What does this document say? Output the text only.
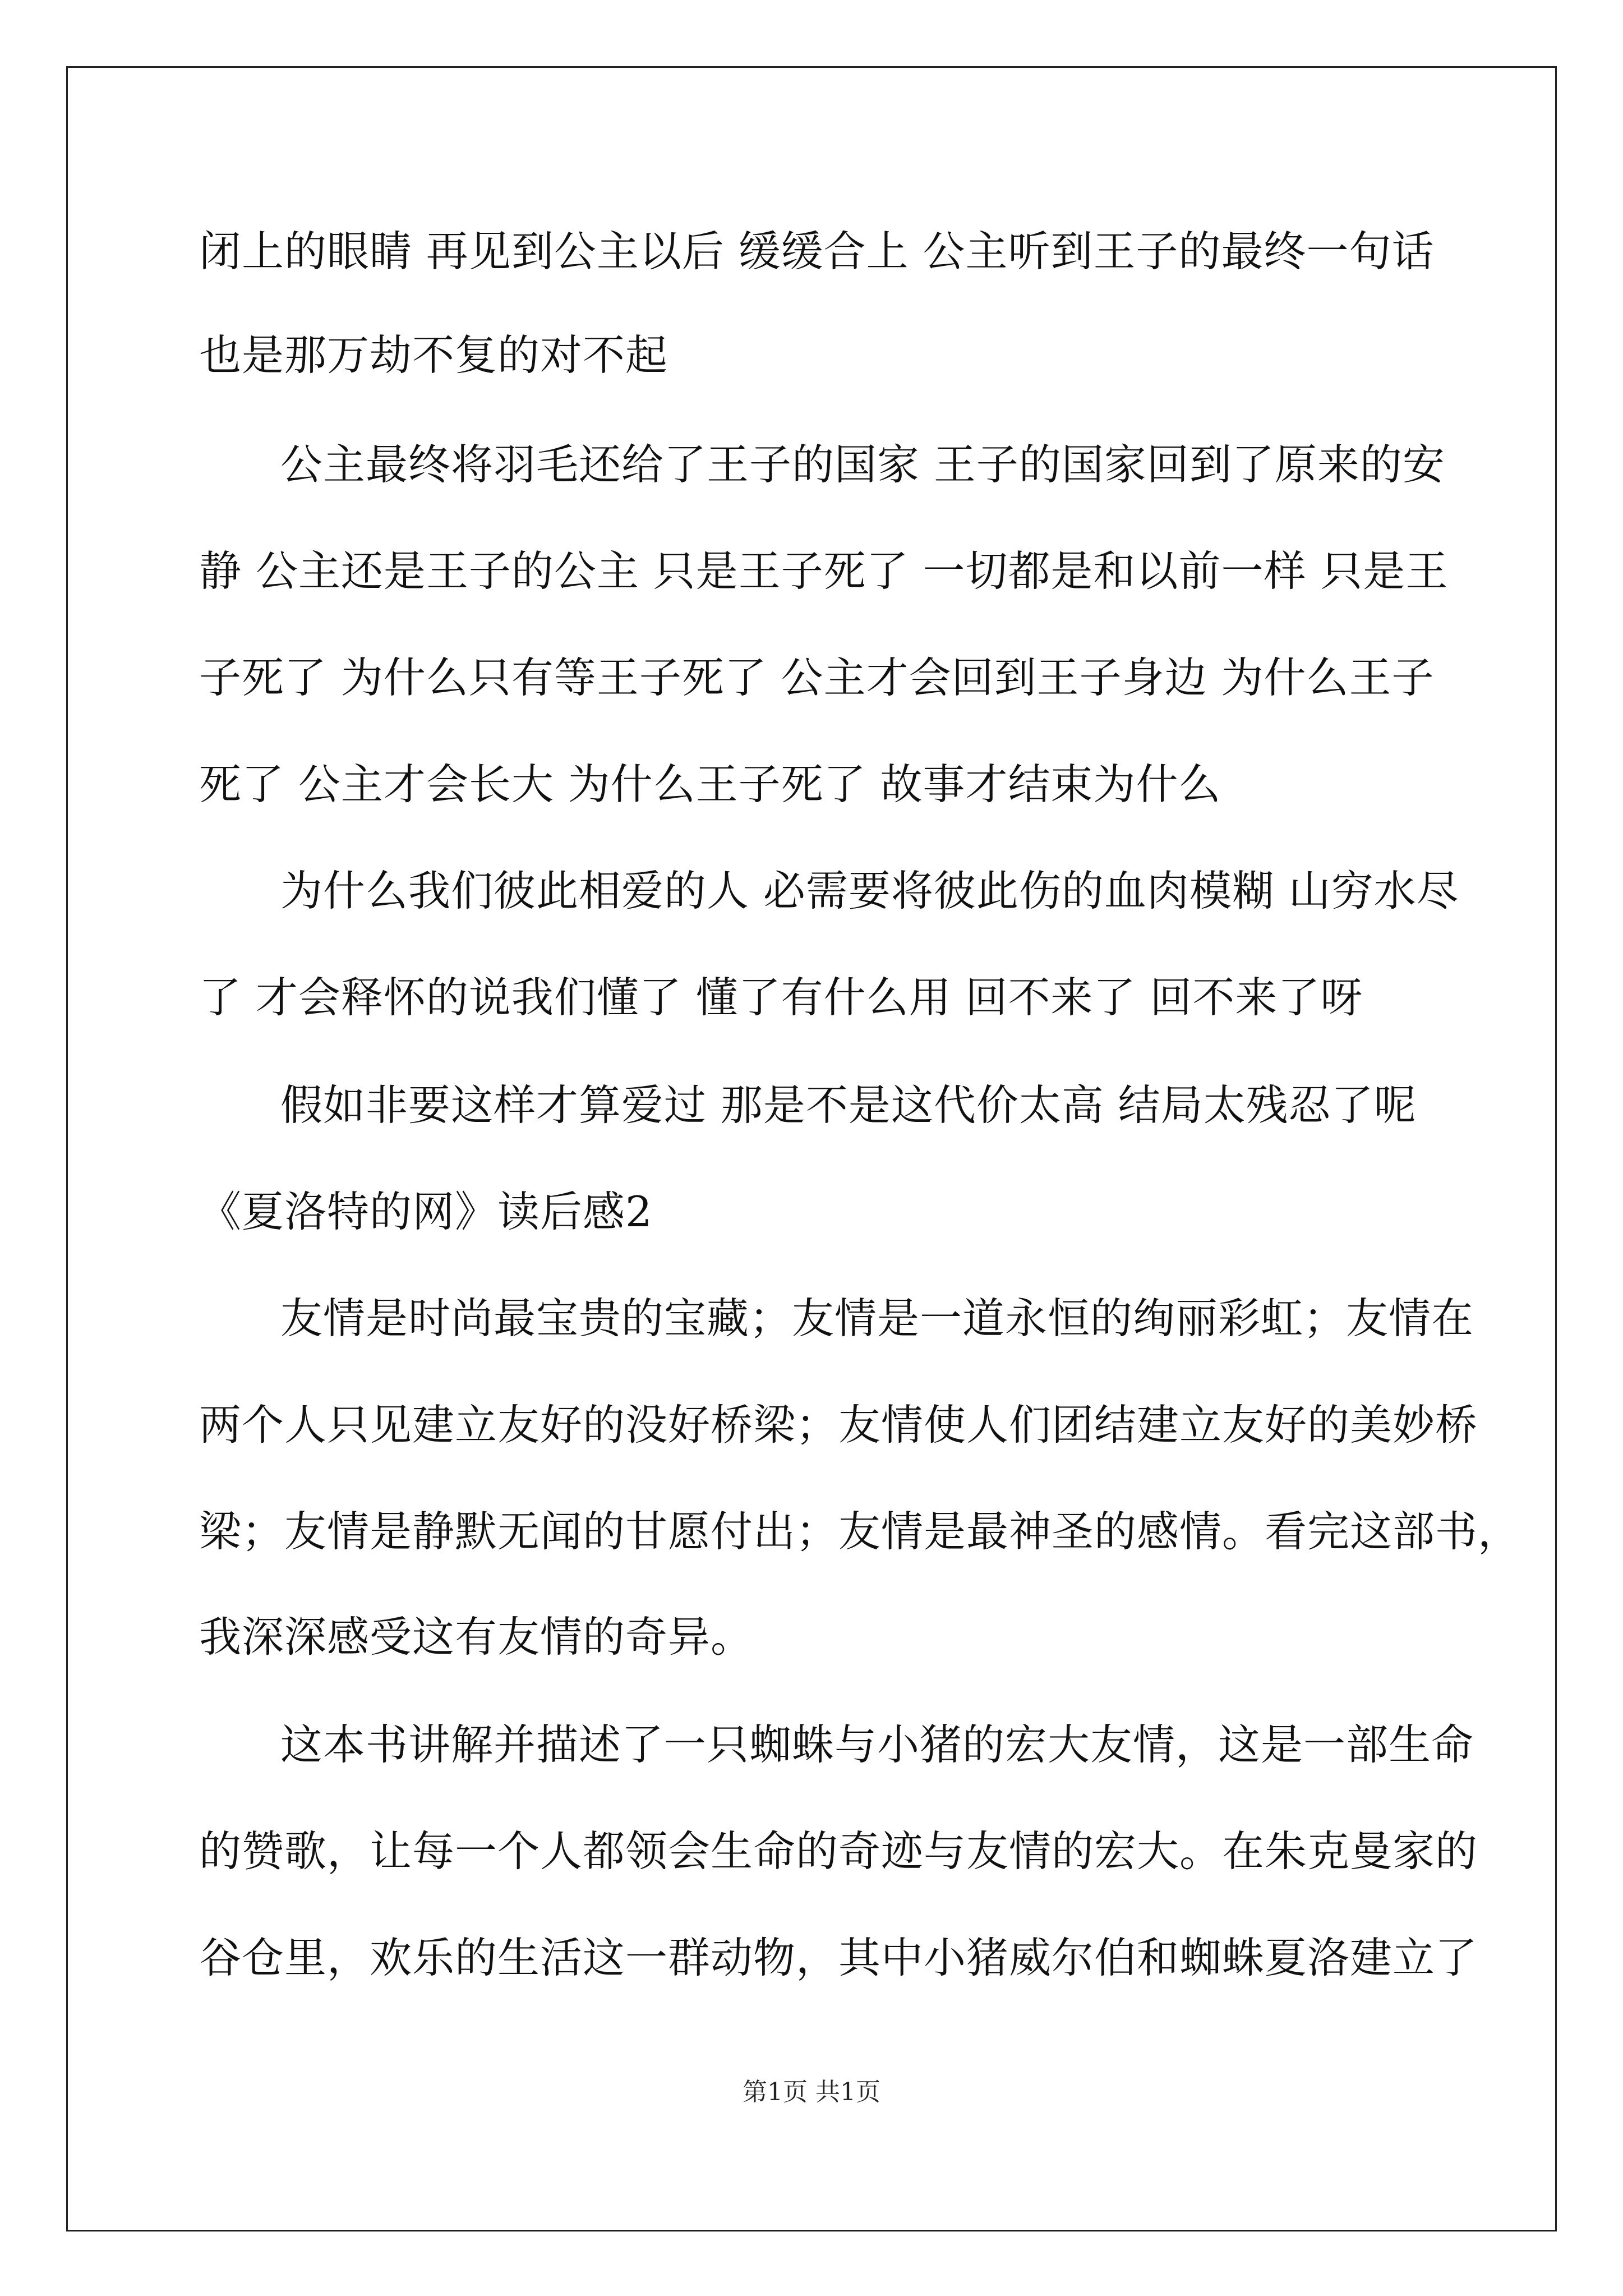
闭上的眼睛 再见到公主以后 缓缓合上 公主听到王子的最终一句话
也是那万劫不复的对不起
公主最终将羽毛还给了王子的国家 王子的国家回到了原来的安
静 公主还是王子的公主 只是王子死了 一切都是和以前一样 只是王
子死了 为什么只有等王子死了 公主才会回到王子身边 为什么王子
死了 公主才会长大 为什么王子死了 故事才结束为什么
为什么我们彼此相爱的人 必需要将彼此伤的血肉模糊 山穷水尽
了 才会释怀的说我们懂了 懂了有什么用 回不来了 回不来了呀
假如非要这样才算爱过 那是不是这代价太高 结局太残忍了呢
《夏洛特的网》读后感2
友情是时尚最宝贵的宝藏；友情是一道永恒的绚丽彩虹；友情在
两个人只见建立友好的没好桥梁；友情使人们团结建立友好的美妙桥
梁；友情是静默无闻的甘愿付出；友情是最神圣的感情。看完这部书，
我深深感受这有友情的奇异。
这本书讲解并描述了一只蜘蛛与小猪的宏大友情，这是一部生命
的赞歌，让每一个人都领会生命的奇迹与友情的宏大。在朱克曼家的
谷仓里，欢乐的生活这一群动物，其中小猪威尔伯和蜘蛛夏洛建立了
第1页 共1页
